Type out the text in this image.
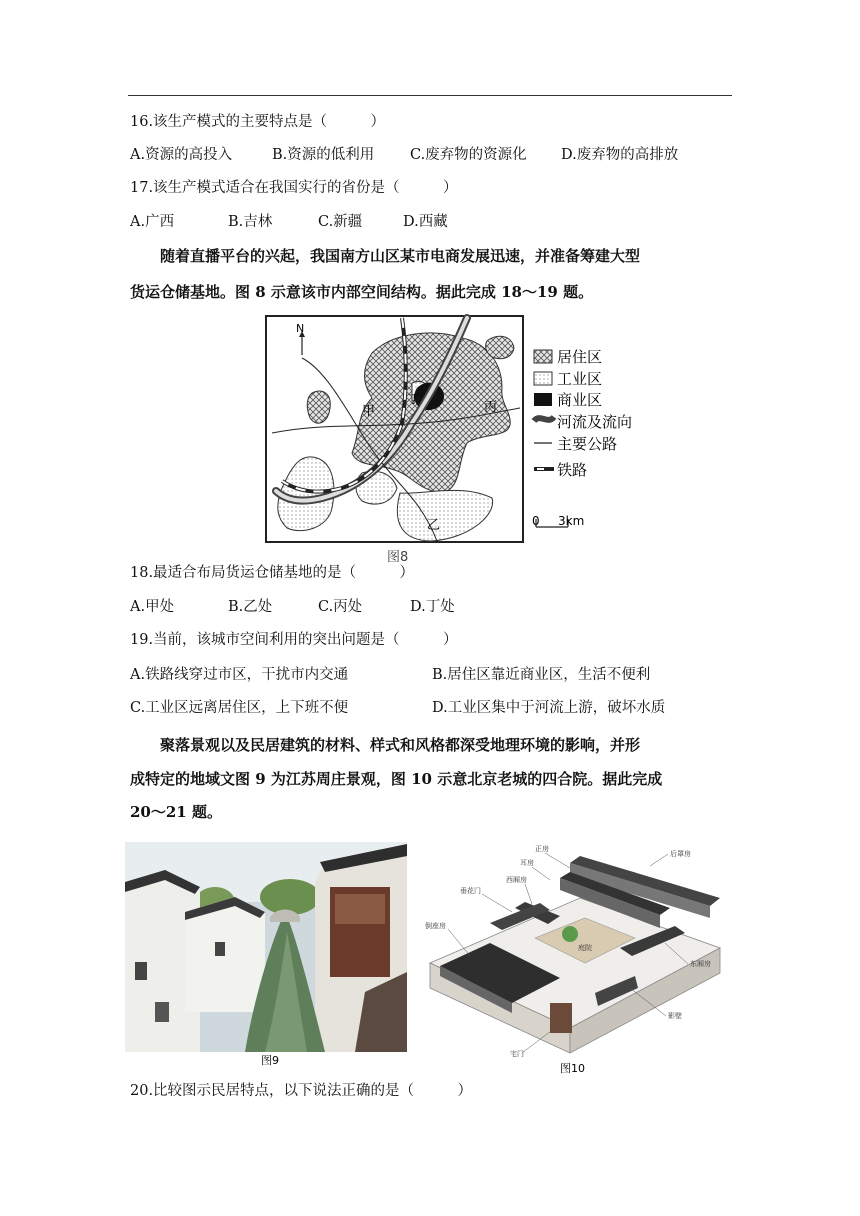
16.该生产模式的主要特点是（　　　）
A.资源的高投入	B.资源的低利用 C.废弃物的资源化 D.废弃物的高排放
17.该生产模式适合在我国实行的省份是（　　　）
A.广西	B.吉林	C.新疆	D.西藏
随着直播平台的兴起，我国南方山区某市电商发展迅速，并准备筹建大型
货运仓储基地。图 8 示意该市内部空间结构。据此完成 18～19 题。
N
甲
乙
丙
丁
居住区
工业区
商业区
河流及流向
主要公路
铁路
0 3km
图8
18.最适合布局货运仓储基地的是（　　　）
A.甲处	B.乙处	C.丙处	D.丁处
19.当前，该城市空间利用的突出问题是（　　　）
A.铁路线穿过市区，干扰市内交通	B.居住区靠近商业区，生活不便利
C.工业区远离居住区，上下班不便	D.工业区集中于河流上游，破坏水质
聚落景观以及民居建筑的材料、样式和风格都深受地理环境的影响，并形
成特定的地域文图 9 为江苏周庄景观，图 10 示意北京老城的四合院。据此完成
20～21 题。
图9
正房
耳房
后罩房
垂花门
西厢房
倒座房
庭院
东厢房
影壁
宅门
图10
20.比较图示民居特点，以下说法正确的是（　　　）
